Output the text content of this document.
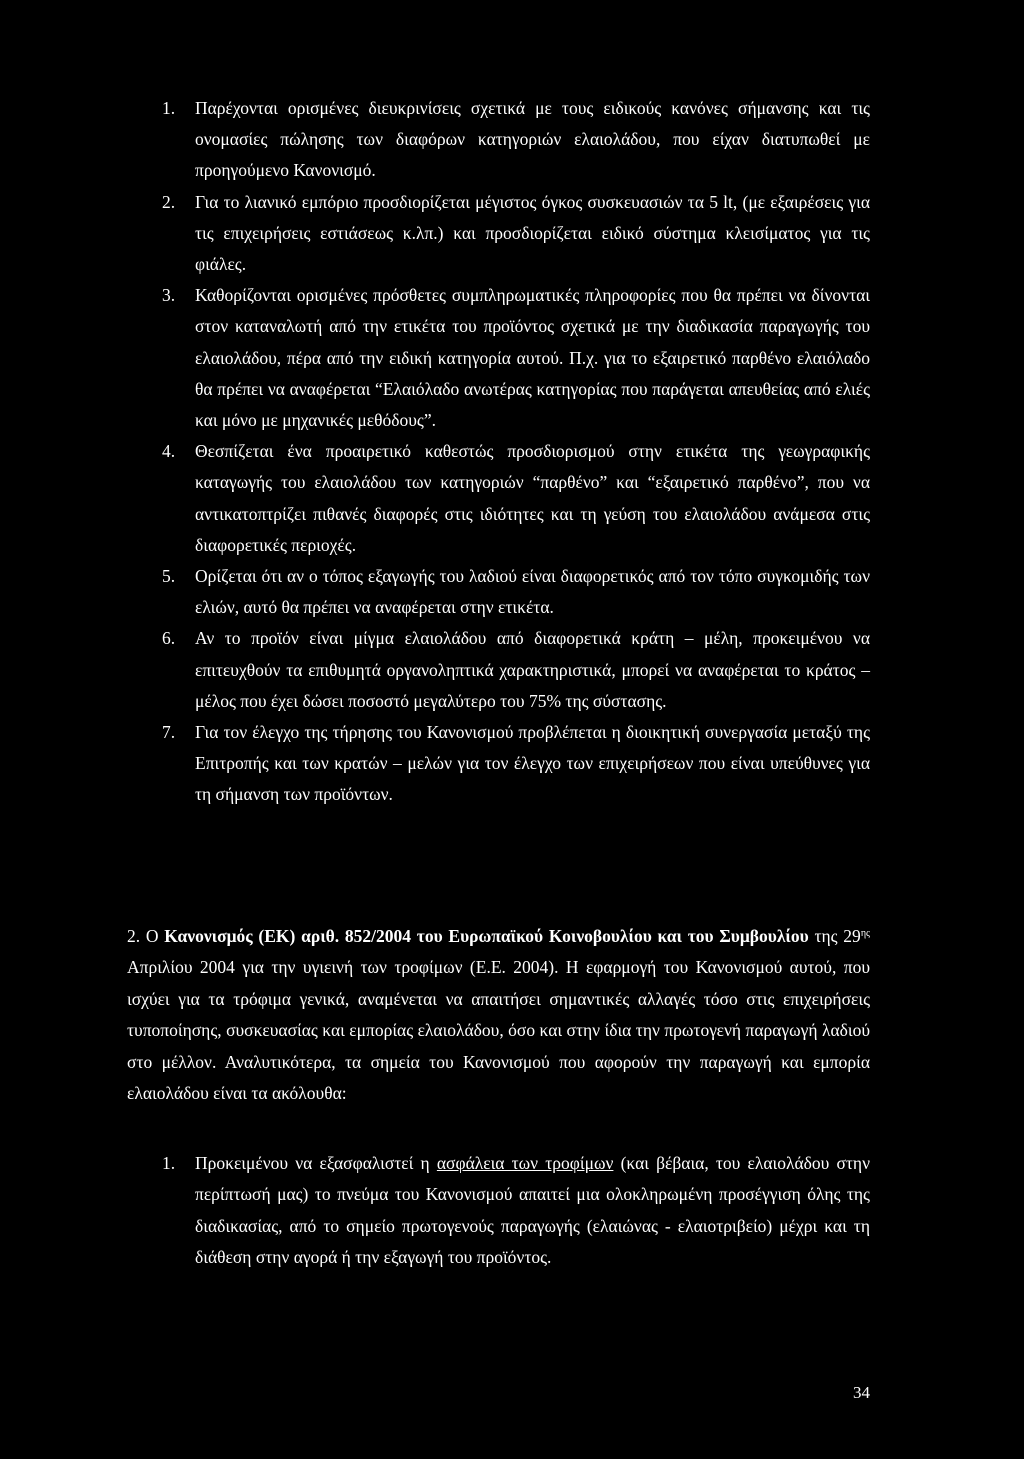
1. Παρέχονται ορισμένες διευκρινίσεις σχετικά με τους ειδικούς κανόνες σήμανσης και τις ονομασίες πώλησης των διαφόρων κατηγοριών ελαιολάδου, που είχαν διατυπωθεί με προηγούμενο Κανονισμό.
2. Για το λιανικό εμπόριο προσδιορίζεται μέγιστος όγκος συσκευασιών τα 5 lt, (με εξαιρέσεις για τις επιχειρήσεις εστιάσεως κ.λπ.) και προσδιορίζεται ειδικό σύστημα κλεισίματος για τις φιάλες.
3. Καθορίζονται ορισμένες πρόσθετες συμπληρωματικές πληροφορίες που θα πρέπει να δίνονται στον καταναλωτή από την ετικέτα του προϊόντος σχετικά με την διαδικασία παραγωγής του ελαιολάδου, πέρα από την ειδική κατηγορία αυτού. Π.χ. για το εξαιρετικό παρθένο ελαιόλαδο θα πρέπει να αναφέρεται “Ελαιόλαδο ανωτέρας κατηγορίας που παράγεται απευθείας από ελιές και μόνο με μηχανικές μεθόδους”.
4. Θεσπίζεται ένα προαιρετικό καθεστώς προσδιορισμού στην ετικέτα της γεωγραφικής καταγωγής του ελαιολάδου των κατηγοριών “παρθένο” και “εξαιρετικό παρθένο”, που να αντικατοπτρίζει πιθανές διαφορές στις ιδιότητες και τη γεύση του ελαιολάδου ανάμεσα στις διαφορετικές περιοχές.
5. Ορίζεται ότι αν ο τόπος εξαγωγής του λαδιού είναι διαφορετικός από τον τόπο συγκομιδής των ελιών, αυτό θα πρέπει να αναφέρεται στην ετικέτα.
6. Αν το προϊόν είναι μίγμα ελαιολάδου από διαφορετικά κράτη – μέλη, προκειμένου να επιτευχθούν τα επιθυμητά οργανοληπτικά χαρακτηριστικά, μπορεί να αναφέρεται το κράτος – μέλος που έχει δώσει ποσοστό μεγαλύτερο του 75% της σύστασης.
7. Για τον έλεγχο της τήρησης του Κανονισμού προβλέπεται η διοικητική συνεργασία μεταξύ της Επιτροπής και των κρατών – μελών για τον έλεγχο των επιχειρήσεων που είναι υπεύθυνες για τη σήμανση των προϊόντων.

2. Ο Κανονισμός (ΕΚ) αριθ. 852/2004 του Ευρωπαϊκού Κοινοβουλίου και του Συμβουλίου της $29^{\eta\varsigma}$ Απριλίου 2004 για την υγιεινή των τροφίμων (Ε.Ε. 2004). Η εφαρμογή του Κανονισμού αυτού, που ισχύει για τα τρόφιμα γενικά, αναμένεται να απαιτήσει σημαντικές αλλαγές τόσο στις επιχειρήσεις τυποποίησης, συσκευασίας και εμπορίας ελαιολάδου, όσο και στην ίδια την πρωτογενή παραγωγή λαδιού στο μέλλον. Αναλυτικότερα, τα σημεία του Κανονισμού που αφορούν την παραγωγή και εμπορία ελαιολάδου είναι τα ακόλουθα:

1. Προκειμένου να εξασφαλιστεί η ασφάλεια των τροφίμων (και βέβαια, του ελαιολάδου στην περίπτωσή μας) το πνεύμα του Κανονισμού απαιτεί μια ολοκληρωμένη προσέγγιση όλης της διαδικασίας, από το σημείο πρωτογενούς παραγωγής (ελαιώνας - ελαιοτριβείο) μέχρι και τη διάθεση στην αγορά ή την εξαγωγή του προϊόντος.
34
